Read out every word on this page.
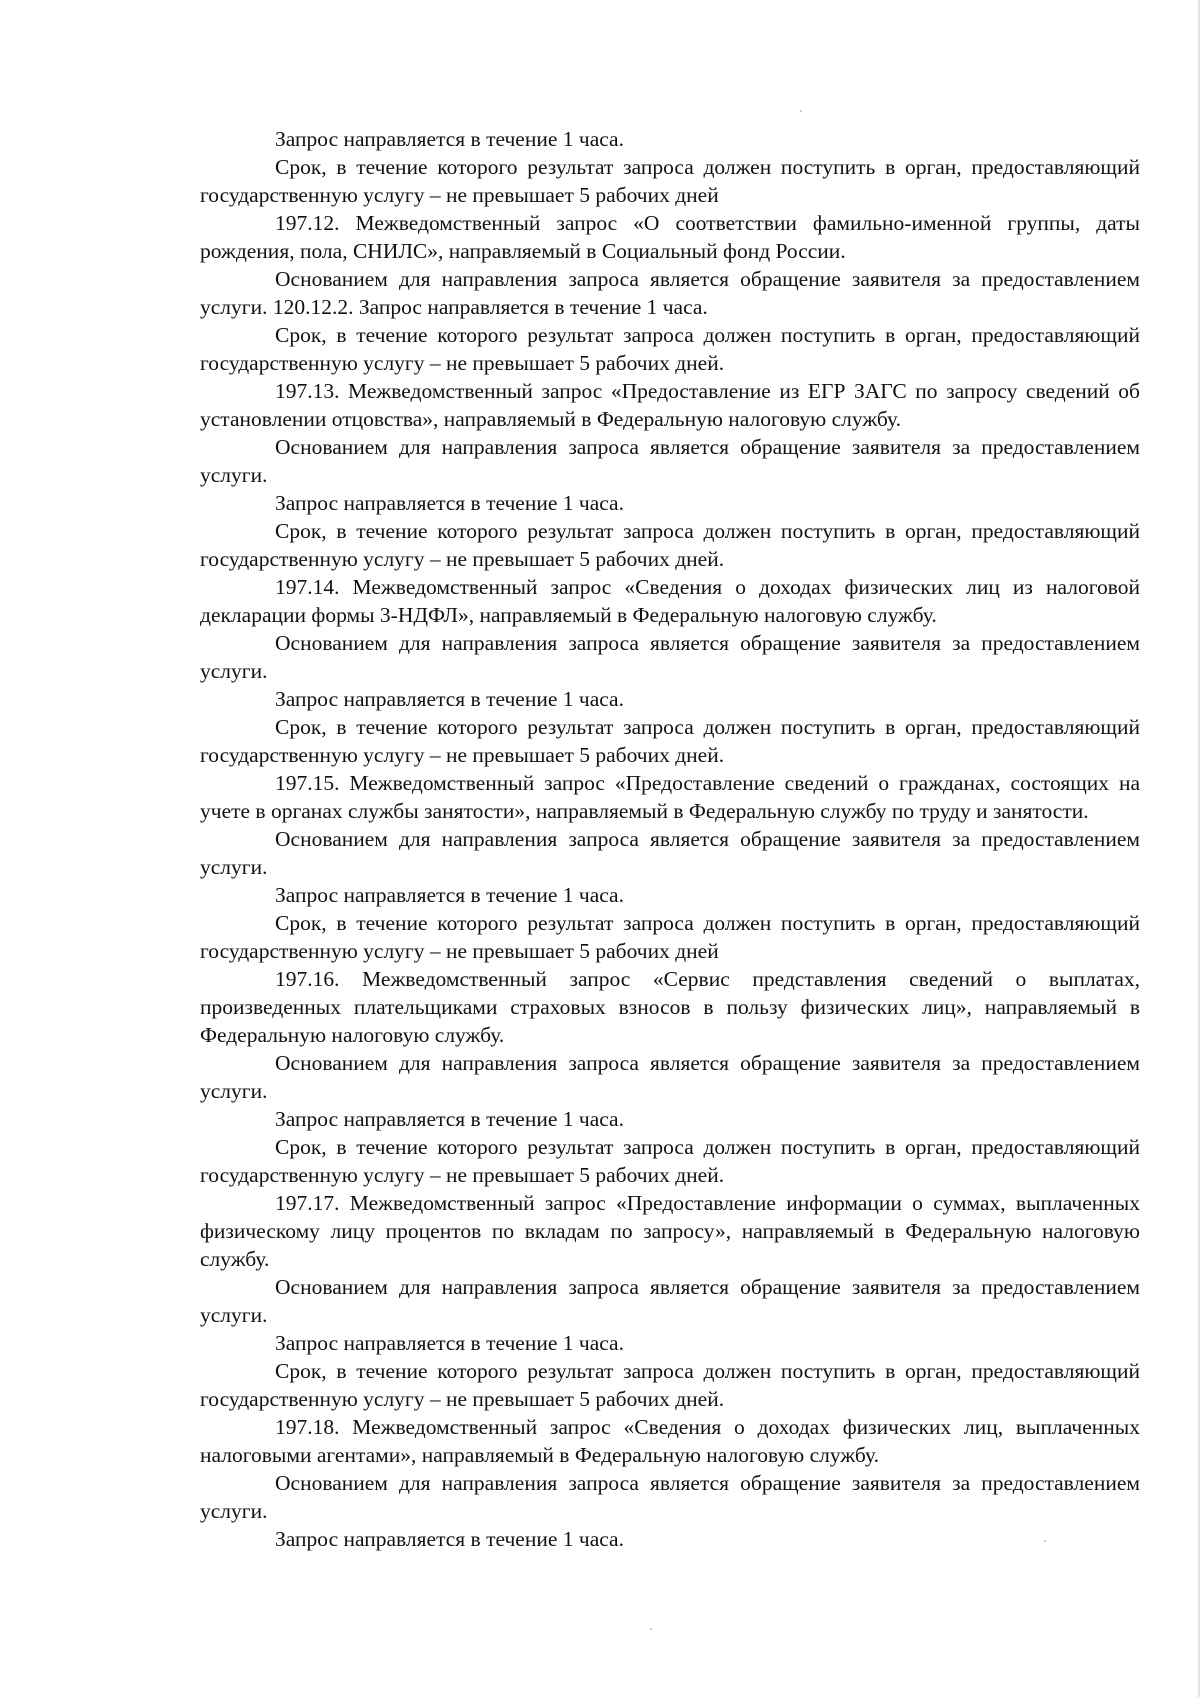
Запрос направляется в течение 1 часа.

Срок, в течение которого результат запроса должен поступить в орган, предоставляющий государственную услугу – не превышает 5 рабочих дней

197.12. Межведомственный запрос «О соответствии фамильно-именной группы, даты рождения, пола, СНИЛС», направляемый в Социальный фонд России.

Основанием для направления запроса является обращение заявителя за предоставлением услуги. 120.12.2. Запрос направляется в течение 1 часа.

Срок, в течение которого результат запроса должен поступить в орган, предоставляющий государственную услугу – не превышает 5 рабочих дней.

197.13. Межведомственный запрос «Предоставление из ЕГР ЗАГС по запросу сведений об установлении отцовства», направляемый в Федеральную налоговую службу.

Основанием для направления запроса является обращение заявителя за предоставлением услуги.

Запрос направляется в течение 1 часа.

Срок, в течение которого результат запроса должен поступить в орган, предоставляющий государственную услугу – не превышает 5 рабочих дней.

197.14. Межведомственный запрос «Сведения о доходах физических лиц из налоговой декларации формы 3-НДФЛ», направляемый в Федеральную налоговую службу.

Основанием для направления запроса является обращение заявителя за предоставлением услуги.

Запрос направляется в течение 1 часа.

Срок, в течение которого результат запроса должен поступить в орган, предоставляющий государственную услугу – не превышает 5 рабочих дней.

197.15. Межведомственный запрос «Предоставление сведений о гражданах, состоящих на учете в органах службы занятости», направляемый в Федеральную службу по труду и занятости.

Основанием для направления запроса является обращение заявителя за предоставлением услуги.

Запрос направляется в течение 1 часа.

Срок, в течение которого результат запроса должен поступить в орган, предоставляющий государственную услугу – не превышает 5 рабочих дней

197.16. Межведомственный запрос «Сервис представления сведений о выплатах, произведенных плательщиками страховых взносов в пользу физических лиц», направляемый в Федеральную налоговую службу.

Основанием для направления запроса является обращение заявителя за предоставлением услуги.

Запрос направляется в течение 1 часа.

Срок, в течение которого результат запроса должен поступить в орган, предоставляющий государственную услугу – не превышает 5 рабочих дней.

197.17. Межведомственный запрос «Предоставление информации о суммах, выплаченных физическому лицу процентов по вкладам по запросу», направляемый в Федеральную налоговую службу.

Основанием для направления запроса является обращение заявителя за предоставлением услуги.

Запрос направляется в течение 1 часа.

Срок, в течение которого результат запроса должен поступить в орган, предоставляющий государственную услугу – не превышает 5 рабочих дней.

197.18. Межведомственный запрос «Сведения о доходах физических лиц, выплаченных налоговыми агентами», направляемый в Федеральную налоговую службу.

Основанием для направления запроса является обращение заявителя за предоставлением услуги.

Запрос направляется в течение 1 часа.
